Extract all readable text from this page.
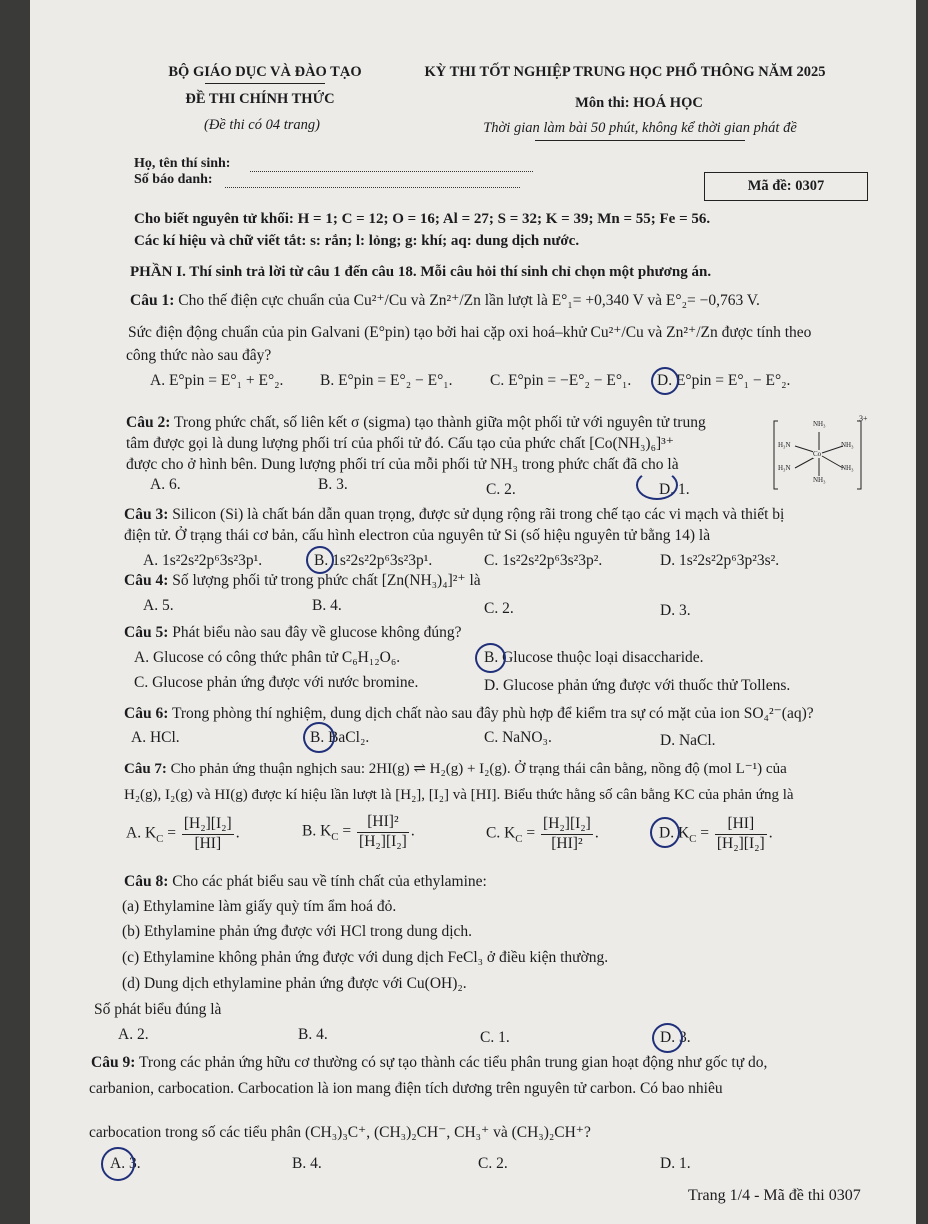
BỘ GIÁO DỤC VÀ ĐÀO TẠO
ĐỀ THI CHÍNH THỨC
(Đề thi có 04 trang)
KỲ THI TỐT NGHIỆP TRUNG HỌC PHỔ THÔNG NĂM 2025
Môn thi: HOÁ HỌC
Thời gian làm bài 50 phút, không kể thời gian phát đề
Họ, tên thí sinh:
Số báo danh:	Mã đề: 0307
Cho biết nguyên tử khối: H = 1; C = 12; O = 16; Al = 27; S = 32; K = 39; Mn = 55; Fe = 56.
Các kí hiệu và chữ viết tắt: s: rắn; l: lỏng; g: khí; aq: dung dịch nước.
PHẦN I. Thí sinh trả lời từ câu 1 đến câu 18. Mỗi câu hỏi thí sinh chỉ chọn một phương án.
Câu 1: Cho thế điện cực chuẩn của Cu²⁺/Cu và Zn²⁺/Zn lần lượt là E°₁= +0,340 V và E°₂= −0,763 V.
Sức điện động chuẩn của pin Galvani (E°pin) tạo bởi hai cặp oxi hoá–khử Cu²⁺/Cu và Zn²⁺/Zn được tính theo
công thức nào sau đây?
A. E°pin = E°₁ + E°₂. B. E°pin = E°₂ − E°₁. C. E°pin = −E°₂ − E°₁. D. E°pin = E°₁ − E°₂.
Câu 2: Trong phức chất, số liên kết σ (sigma) tạo thành giữa một phối tử với nguyên tử trung
tâm được gọi là dung lượng phối trí của phối tử đó. Cấu tạo của phức chất [Co(NH₃)₆]³⁺
được cho ở hình bên. Dung lượng phối trí của mỗi phối tử NH₃ trong phức chất đã cho là
A. 6.	B. 3.	C. 2.	D. 1.
NH₃
NH₃
H₃N
H₃N
NH₃
NH₃
Co
3+
Câu 3: Silicon (Si) là chất bán dẫn quan trọng, được sử dụng rộng rãi trong chế tạo các vi mạch và thiết bị
điện tử. Ở trạng thái cơ bản, cấu hình electron của nguyên tử Si (số hiệu nguyên tử bằng 14) là
A. 1s²2s²2p⁶3s²3p¹.	B. 1s²2s²2p⁶3s²3p¹.	C. 1s²2s²2p⁶3s²3p².	D. 1s²2s²2p⁶3p²3s².
Câu 4: Số lượng phối tử trong phức chất [Zn(NH₃)₄]²⁺ là
A. 5.	B. 4.	C. 2.	D. 3.
Câu 5: Phát biểu nào sau đây về glucose không đúng?
A. Glucose có công thức phân tử C₆H₁₂O₆.	B. Glucose thuộc loại disaccharide.
C. Glucose phản ứng được với nước bromine.	D. Glucose phản ứng được với thuốc thử Tollens.
Câu 6: Trong phòng thí nghiệm, dung dịch chất nào sau đây phù hợp để kiểm tra sự có mặt của ion SO₄²⁻(aq)?
A. HCl.	B. BaCl₂.	C. NaNO₃.	D. NaCl.
Câu 7: Cho phản ứng thuận nghịch sau: 2HI(g) ⇌ H₂(g) + I₂(g). Ở trạng thái cân bằng, nồng độ (mol L⁻¹) của
H₂(g), I₂(g) và HI(g) được kí hiệu lần lượt là [H₂], [I₂] và [HI]. Biểu thức hằng số cân bằng KC của phản ứng là
A. $K_C = \frac{\text{[H₂][I₂]}}{[HI]}$ .	B. $K_C = \frac{\text{[HI]²}}{\text{[H₂][I₂]}}$ .	C. $K_C = \frac{\text{[H₂][I₂]}}{\text{[HI]²}}$ .	D. $K_C = \frac{[HI]}{\text{[H₂][I₂]}}$ .
Câu 8: Cho các phát biểu sau về tính chất của ethylamine:
(a) Ethylamine làm giấy quỳ tím ẩm hoá đỏ.
(b) Ethylamine phản ứng được với HCl trong dung dịch.
(c) Ethylamine không phản ứng được với dung dịch FeCl₃ ở điều kiện thường.
(d) Dung dịch ethylamine phản ứng được với Cu(OH)₂.
Số phát biểu đúng là
A. 2.	B. 4.	C. 1.	D. 3.
Câu 9: Trong các phản ứng hữu cơ thường có sự tạo thành các tiểu phân trung gian hoạt động như gốc tự do,
carbanion, carbocation. Carbocation là ion mang điện tích dương trên nguyên tử carbon. Có bao nhiêu
carbocation trong số các tiểu phân (CH₃)₃C⁺, (CH₃)₂CH⁻, CH₃⁺ và (CH₃)₂CH⁺?
A. 3.	B. 4.	C. 2.	D. 1.
Trang 1/4 - Mã đề thi 0307
